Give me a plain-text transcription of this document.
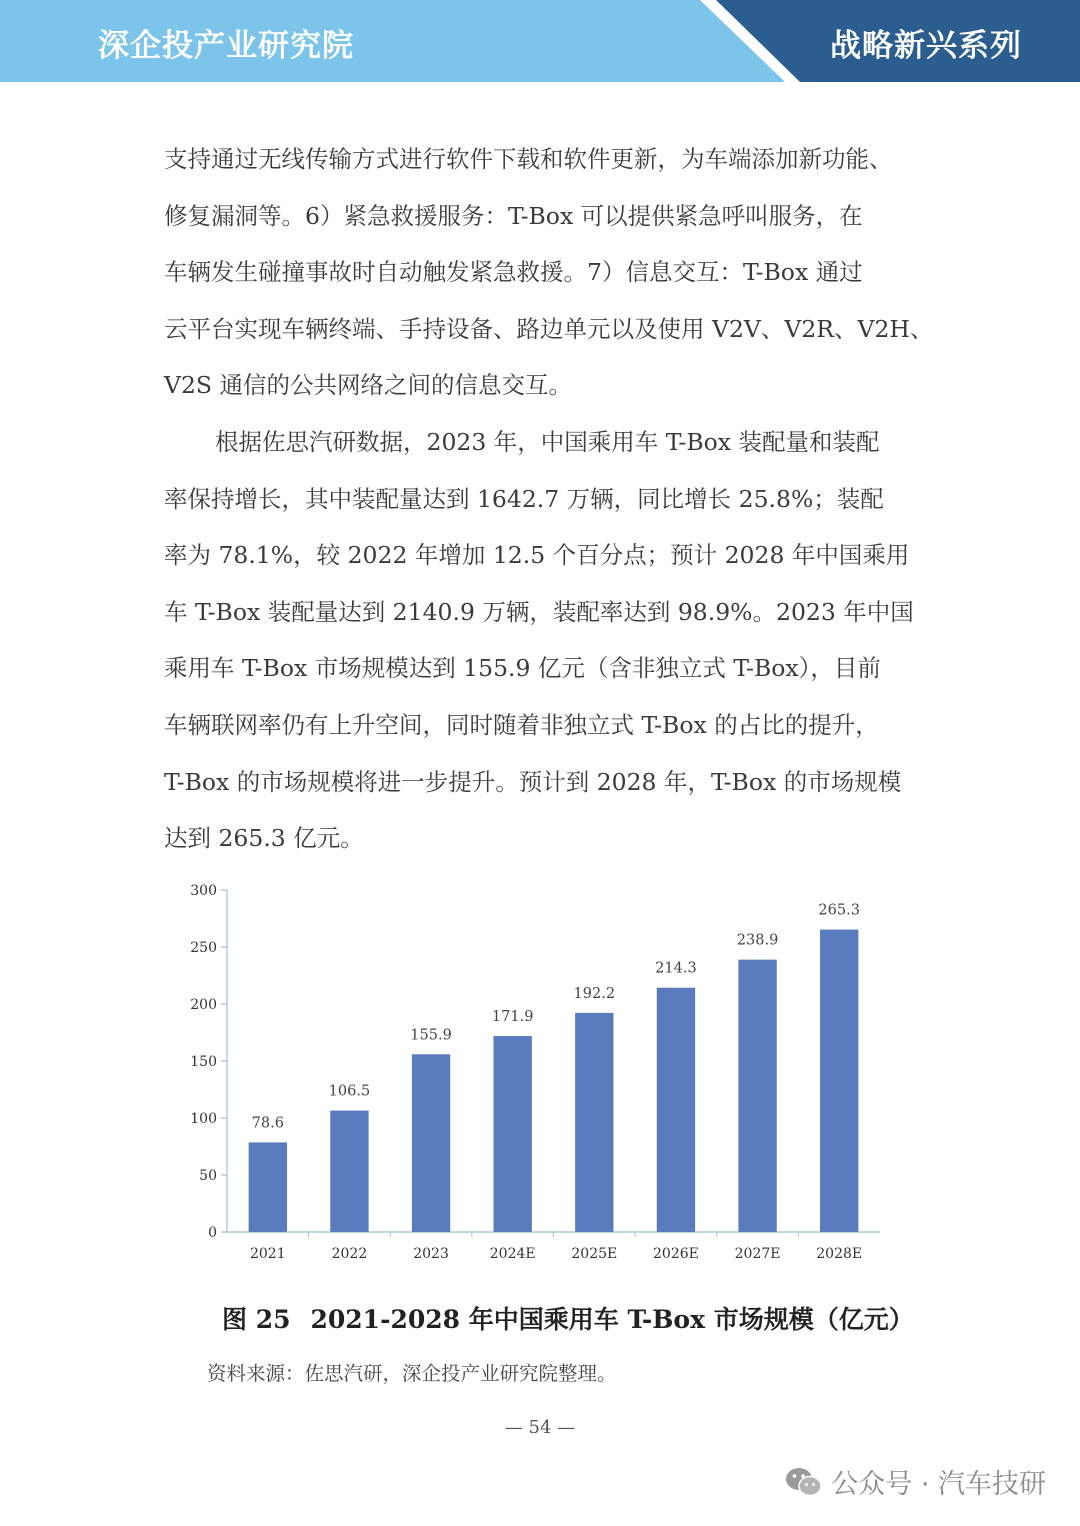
深企投产业研究院	战略新兴系列
支持通过无线传输方式进行软件下载和软件更新，为车端添加新功能、
修复漏洞等。6）紧急救援服务：T-Box 可以提供紧急呼叫服务，在
车辆发生碰撞事故时自动触发紧急救援。7）信息交互：T-Box 通过
云平台实现车辆终端、手持设备、路边单元以及使用 V2V、V2R、V2H、
V2S 通信的公共网络之间的信息交互。
根据佐思汽研数据，2023 年，中国乘用车 T-Box 装配量和装配
率保持增长，其中装配量达到 1642.7 万辆，同比增长 25.8%；装配
率为 78.1%，较 2022 年增加 12.5 个百分点；预计 2028 年中国乘用
车 T-Box 装配量达到 2140.9 万辆，装配率达到 98.9%。2023 年中国
乘用车 T-Box 市场规模达到 155.9 亿元（含非独立式 T-Box），目前
车辆联网率仍有上升空间，同时随着非独立式 T-Box 的占比的提升，
T-Box 的市场规模将进一步提升。预计到 2028 年，T-Box 的市场规模
达到 265.3 亿元。
0
50
100
150
200
250
300
78.6
2021
106.5
2022
155.9
2023
171.9
2024E
192.2
2025E
214.3
2026E
238.9
2027E
265.3
2028E
图 25 2021-2028 年中国乘用车 T-Box 市场规模（亿元）
资料来源：佐思汽研，深企投产业研究院整理。
— 54 —
公众号 · 汽车技研
